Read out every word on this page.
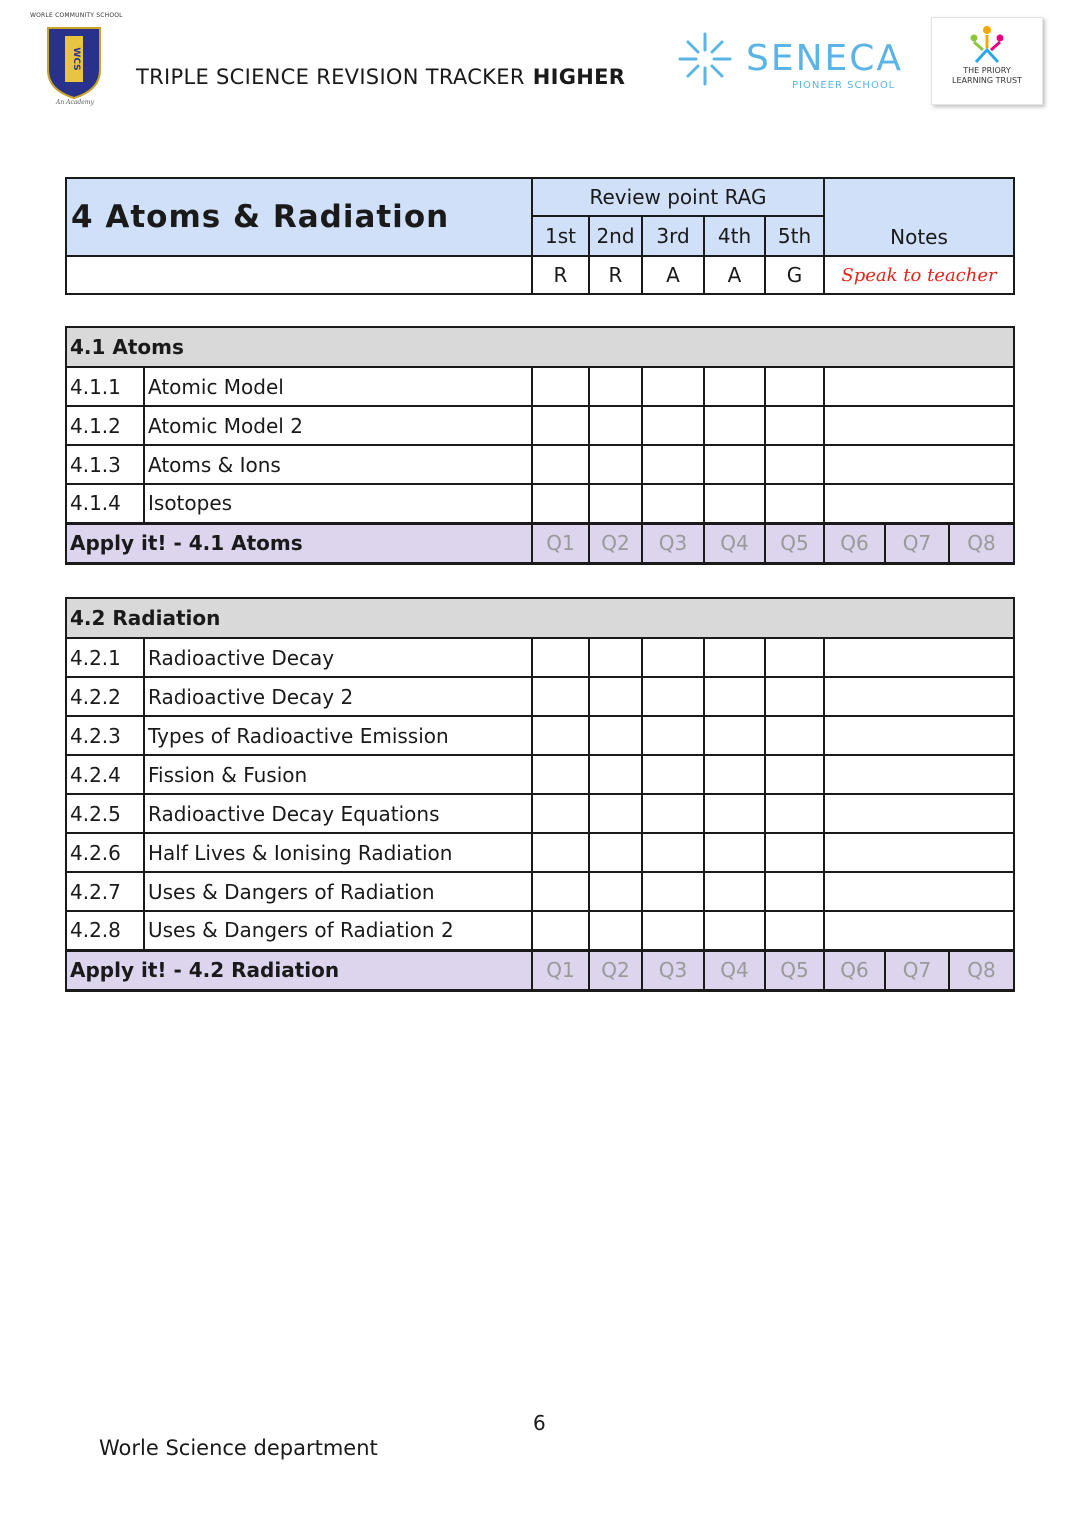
WORLE COMMUNITY SCHOOL
WCS
An Academy
TRIPLE SCIENCE REVISION TRACKER HIGHER	SENECA
PIONEER SCHOOL
THE PRIORY
LEARNING TRUST
4 Atoms & Radiation	Review point RAG					Notes
	1st	2nd	3rd	4th	5th	
	R	R	A	A	G	Speak to teacher
4.1 Atoms									
4.1.1	Atomic Model								
4.1.2	Atomic Model 2								
4.1.3	Atoms & Ions								
4.1.4	Isotopes								
Apply it! - 4.1 Atoms		Q1	Q2	Q3	Q4	Q5	Q6	Q7	Q8
4.2 Radiation									
4.2.1	Radioactive Decay								
4.2.2	Radioactive Decay 2								
4.2.3	Types of Radioactive Emission								
4.2.4	Fission & Fusion								
4.2.5	Radioactive Decay Equations								
4.2.6	Half Lives & Ionising Radiation								
4.2.7	Uses & Dangers of Radiation								
4.2.8	Uses & Dangers of Radiation 2								
Apply it! - 4.2 Radiation		Q1	Q2	Q3	Q4	Q5	Q6	Q7	Q8
6
Worle Science department
